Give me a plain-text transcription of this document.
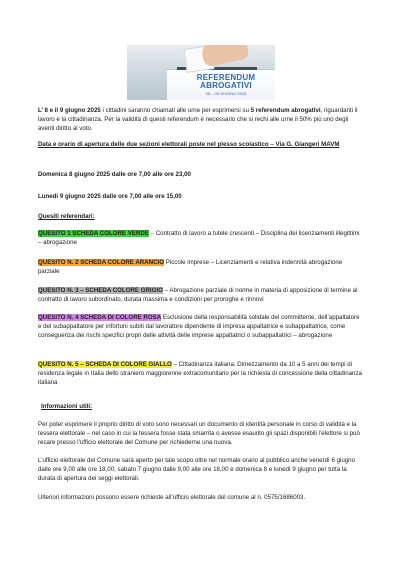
REFERENDUM
ABROGATIVI
08 – 09 GIUGNO 2025
L’ 8 e il 9 giugno 2025 i cittadini saranno chiamati alle urne per esprimersi su 5 referendum abrogativi, riguardanti il lavoro e la cittadinanza. Per la validità di questi referendum è necessario che si rechi alle urne il 50% più uno degli aventi diritto al voto.
Data e orario di apertura delle due sezioni elettorali poste nel plesso scolastico – Via G. Giangeri MAVM
Domenica 8 giugno 2025 dalle ore 7,00 alle ore 23,00
Lunedì 9 giugno 2025 dalle ore 7,00 alle ore 15,00
Quesiti referendari:
QUESITO 1 SCHEDA COLORE VERDE – Contratto di lavoro a tutele crescenti – Disciplina dei licenziamenti illegittimi – abrogazione
QUESITO N. 2 SCHEDA COLORE ARANCIO Piccole imprese – Licenziamenti e relativa indennità abrogazione parziale
QUESITO N. 3 – SCHEDA COLORE GRIGIO – Abrogazione parziale di norme in materia di apposizione di termine al contratto di lavoro subordinato, durata massima e condizioni per proroghe e rinnovi
QUESITO N. 4 SCHEDA DI COLORE ROSA Esclusione della responsabilità solidale del committente, dell’appaltatore e del subappaltatore per infortuni subiti dal lavoratore dipendente di impresa appaltatrice e subappaltatrice, come conseguenza dei rischi specifici propri delle attività delle imprese appaltatrici o subappaltatrici – abrogazione
QUESITO N. 5 – SCHEDA DI COLORE GIALLO – Cittadinanza italiana: Dimezzamento da 10 a 5 anni dei tempi di residenza legale in Italia dello straniero maggiorenne extracomunitario per la richiesta di concessione della cittadinanza italiana
Informazioni utili:
Per poter esprimere il proprio diritto di voto sono necessari un documento di identità personale in corso di validità e la tessera elettorale – nel caso in cui la tessera fosse stata smarrita o avesse esaurito gli spazi disponibili l’elettore si può recare presso l’ufficio elettorale del Comune per richiederne una nuova.
L’ufficio elettorale del Comune sarà aperto per tale scopo oltre nel normale orario al pubblico anche venerdì 6 giugno dalle ore 9,00 alle ore 18,00, sabato 7 giugno dalle 9,00 alle ore 18,00 e domenica 8 e lunedì 9 giugno per tutta la durata di apertura dei seggi elettorali.
Ulteriori informazioni possono essere richieste all’ufficio elettorale del comune al n. 0575/1686003.
